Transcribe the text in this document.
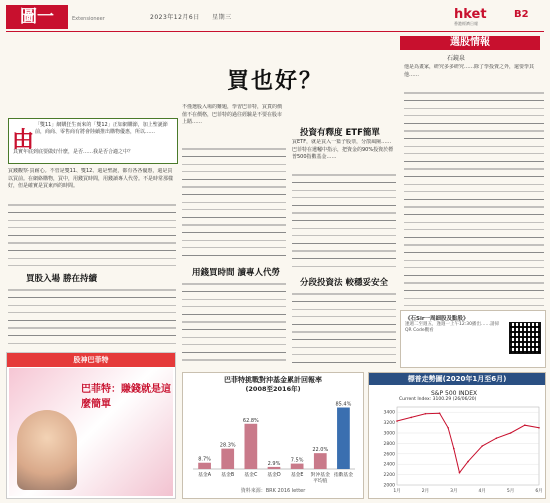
圖一	Extensioneer	2023年12月6日 星期三	hket
香港經濟日報
B2
選股情報
石鏡泉
買也好？
由
「雙11」網購狂生而來的「雙12」正如網購節，加上聖誕節前，商商、零售商有將會陸續推出購物優惠，所以……
其實年底到底要做好什麼，是否……我是否合適之中？
買錢觀察·買耐心。不管是雙11、雙12、還是聖誕，都有各各優惠，還是買以買前。在網絡購物，買中，用錢買時間，用錢讀專人代勞。不是時常那樣好，但是確實是買東西的時間。
買股入場 勝在持續
不僅選股入場的難題，學習巴菲特，買貨的價值不在價格，巴菲特的過往經驗是不要在股市上賭……
用錢買時間 讀專人代勞
投資有釋度 ETF簡單
買ETF，就是買入一籃子股票，分散風險……巴菲特在遺囑中指示，把資金的90%投資於標普500指數基金……
分段投資法 較穩妥安全
他是為畫家，研究多多研究……除了學投資之外，還要學其他……
《石Sir一周細股及點股》
逢週二至週五，逢週一上午12:30播出……請掃QR Code觀看
股神巴菲特
巴菲特：賺錢就是這麼簡單
巴菲特挑戰對沖基金累計回報率
(2008至2016年)
8.7%
基金A
28.3%
基金B
62.8%
基金C
2.9%
基金D
7.5%
基金E
22.0%
對沖基金
平均值
85.4%
指數基金
資料來源：BRK 2016 letter
標普走勢圖(2020年1月至6月)
S&P 500 INDEX
Current Index: 3100.29 (26/06/20)
2000
2200
2400
2600
2800
3000
3200
3400
1月	2月	3月	4月	5月	6月
